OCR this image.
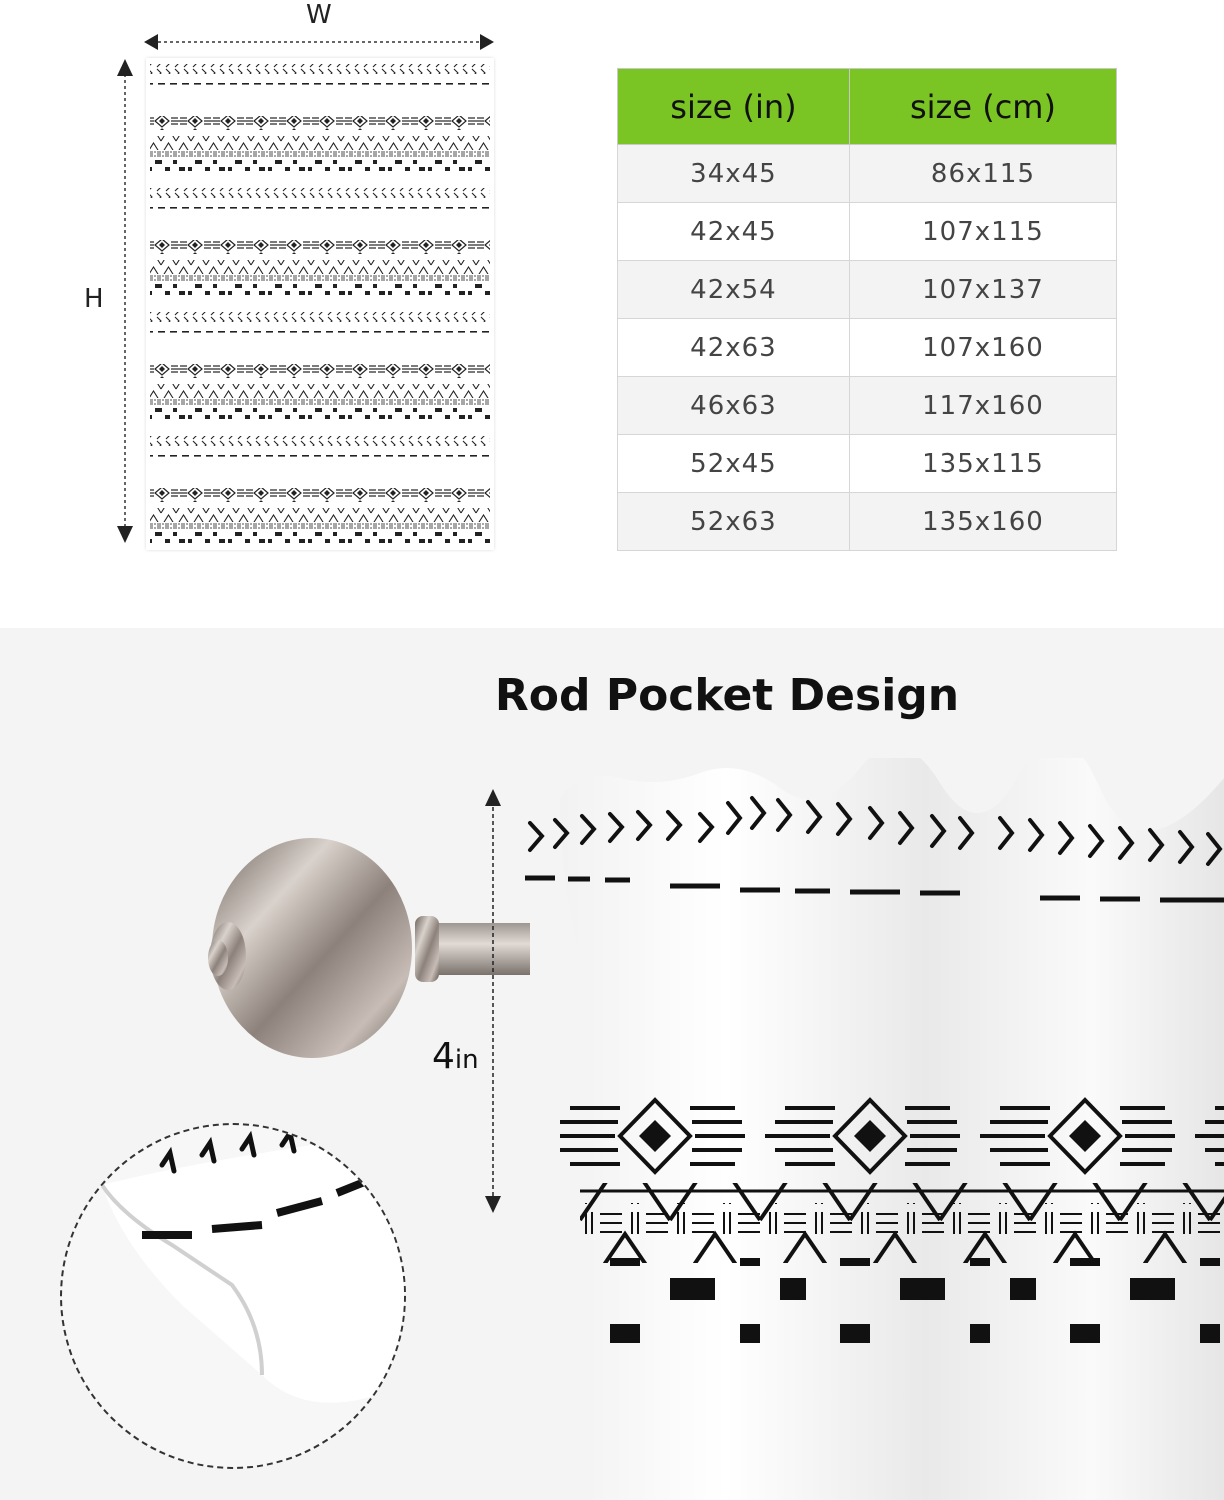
W
H
size (in)	size (cm)
34x45	86x115
42x45	107x115
42x54	107x137
42x63	107x160
46x63	117x160
52x45	135x115
52x63	135x160
Rod Pocket Design
4in
